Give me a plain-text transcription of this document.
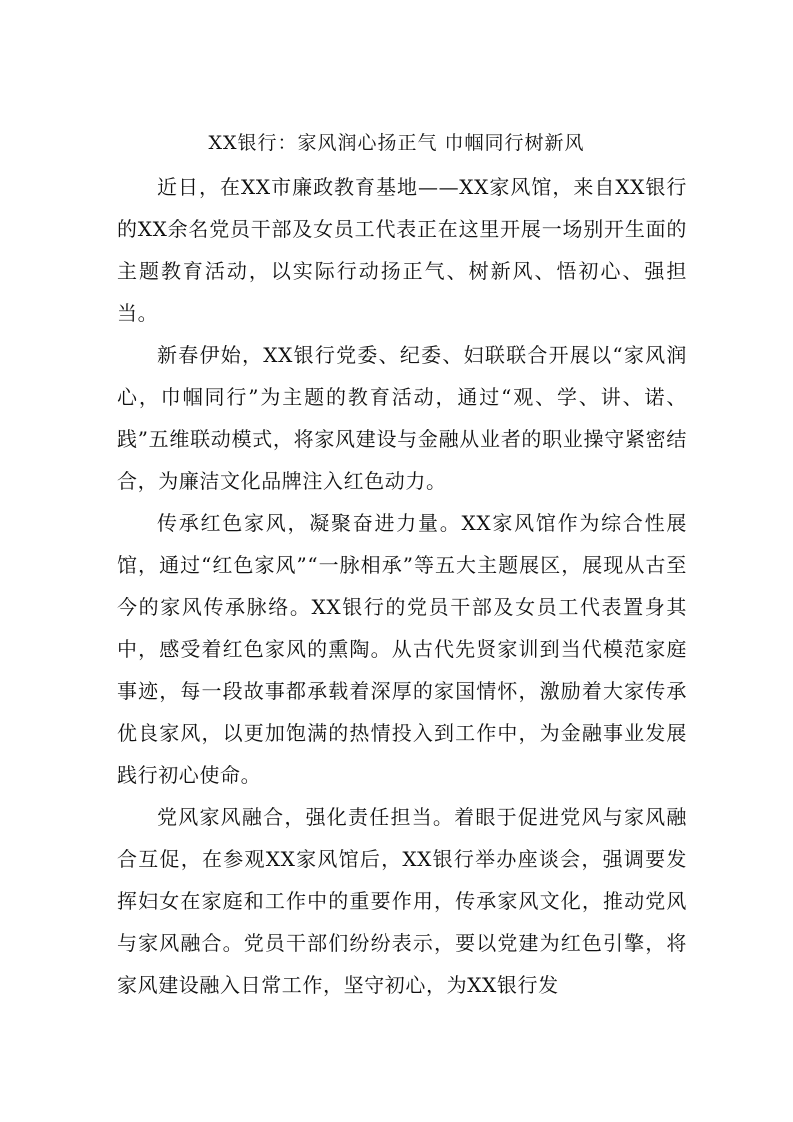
XX银行：家风润心扬正气 巾帼同行树新风

近日，在XX市廉政教育基地——XX家风馆，来自XX银行的XX余名党员干部及女员工代表正在这里开展一场别开生面的主题教育活动，以实际行动扬正气、树新风、悟初心、强担当。

新春伊始，XX银行党委、纪委、妇联联合开展以“家风润心，巾帼同行”为主题的教育活动，通过“观、学、讲、诺、践”五维联动模式，将家风建设与金融从业者的职业操守紧密结合，为廉洁文化品牌注入红色动力。

传承红色家风，凝聚奋进力量。XX家风馆作为综合性展馆，通过“红色家风”“一脉相承”等五大主题展区，展现从古至今的家风传承脉络。XX银行的党员干部及女员工代表置身其中，感受着红色家风的熏陶。从古代先贤家训到当代模范家庭事迹，每一段故事都承载着深厚的家国情怀，激励着大家传承优良家风，以更加饱满的热情投入到工作中，为金融事业发展践行初心使命。

党风家风融合，强化责任担当。着眼于促进党风与家风融合互促，在参观XX家风馆后，XX银行举办座谈会，强调要发挥妇女在家庭和工作中的重要作用，传承家风文化，推动党风与家风融合。党员干部们纷纷表示，要以党建为红色引擎，将家风建设融入日常工作，坚守初心，为XX银行发
